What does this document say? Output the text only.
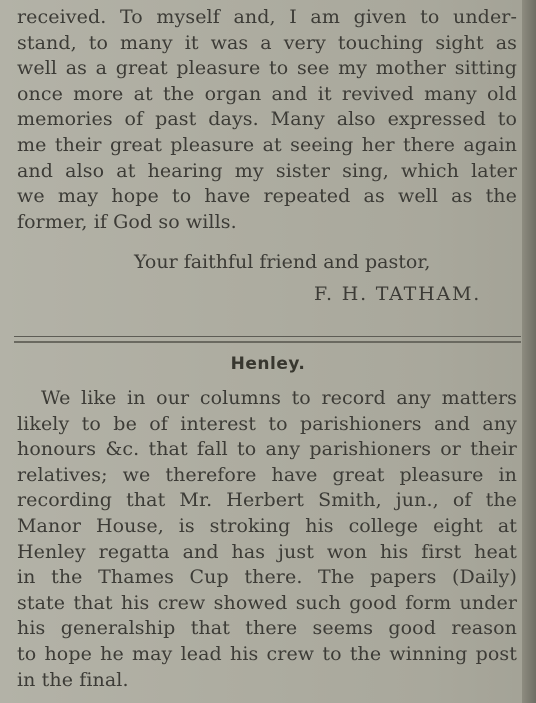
received. To myself and, I am given to under-
stand, to many it was a very touching sight as
well as a great pleasure to see my mother sitting
once more at the organ and it revived many old
memories of past days. Many also expressed to
me their great pleasure at seeing her there again
and also at hearing my sister sing, which later
we may hope to have repeated as well as the
former, if God so wills.
Your faithful friend and pastor,
F. H. TATHAM.
Henley.
We like in our columns to record any matters
likely to be of interest to parishioners and any
honours &c. that fall to any parishioners or their
relatives; we therefore have great pleasure in
recording that Mr. Herbert Smith, jun., of the
Manor House, is stroking his college eight at
Henley regatta and has just won his first heat
in the Thames Cup there. The papers (Daily)
state that his crew showed such good form under
his generalship that there seems good reason
to hope he may lead his crew to the winning post
in the final.
